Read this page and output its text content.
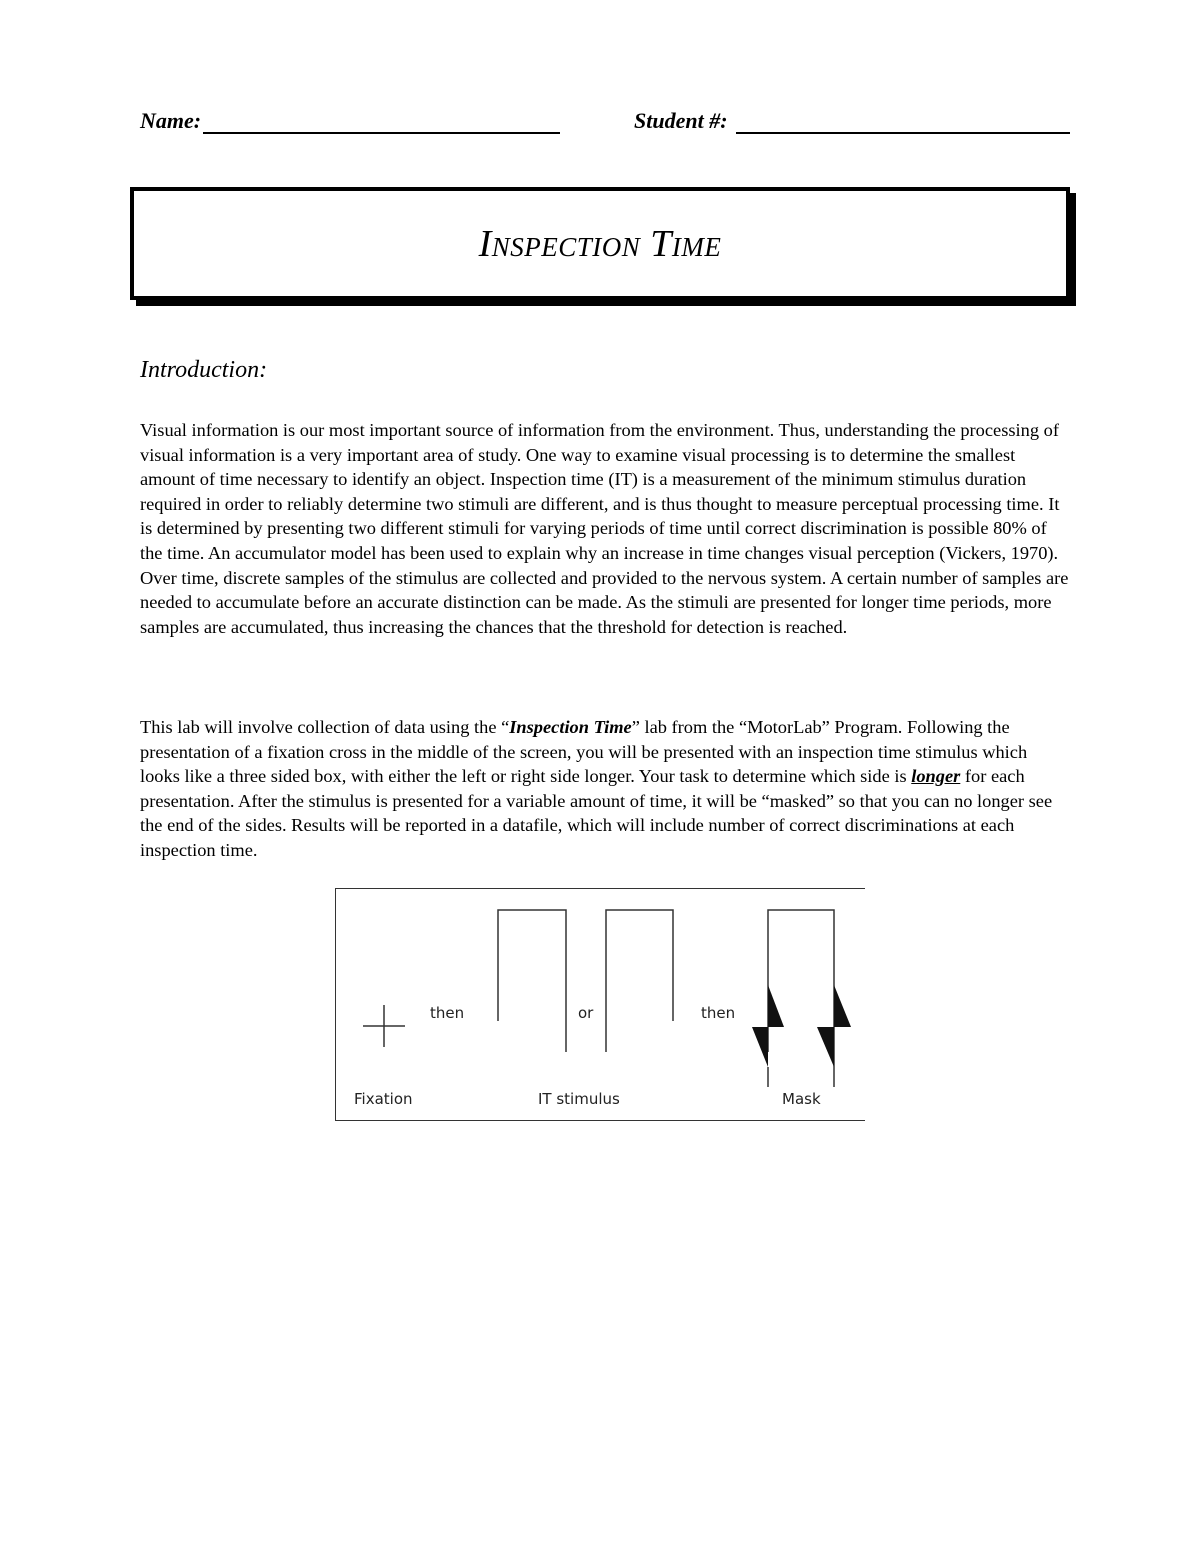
Name:	Student #:
Inspection Time
Introduction:

Visual information is our most important source of information from the environment. Thus, understanding the processing of visual information is a very important area of study. One way to examine visual processing is to determine the smallest amount of time necessary to identify an object. Inspection time (IT) is a measurement of the minimum stimulus duration required in order to reliably determine two stimuli are different, and is thus thought to measure perceptual processing time. It is determined by presenting two different stimuli for varying periods of time until correct discrimination is possible 80% of the time. An accumulator model has been used to explain why an increase in time changes visual perception (Vickers, 1970). Over time, discrete samples of the stimulus are collected and provided to the nervous system. A certain number of samples are needed to accumulate before an accurate distinction can be made. As the stimuli are presented for longer time periods, more samples are accumulated, thus increasing the chances that the threshold for detection is reached.

This lab will involve collection of data using the “Inspection Time” lab from the “MotorLab” Program. Following the presentation of a fixation cross in the middle of the screen, you will be presented with an inspection time stimulus which looks like a three sided box, with either the left or right side longer. Your task to determine which side is longer for each presentation. After the stimulus is presented for a variable amount of time, it will be “masked” so that you can no longer see the end of the sides. Results will be reported in a datafile, which will include number of correct discriminations at each inspection time.

then	or	then
Fixation	IT stimulus	Mask
